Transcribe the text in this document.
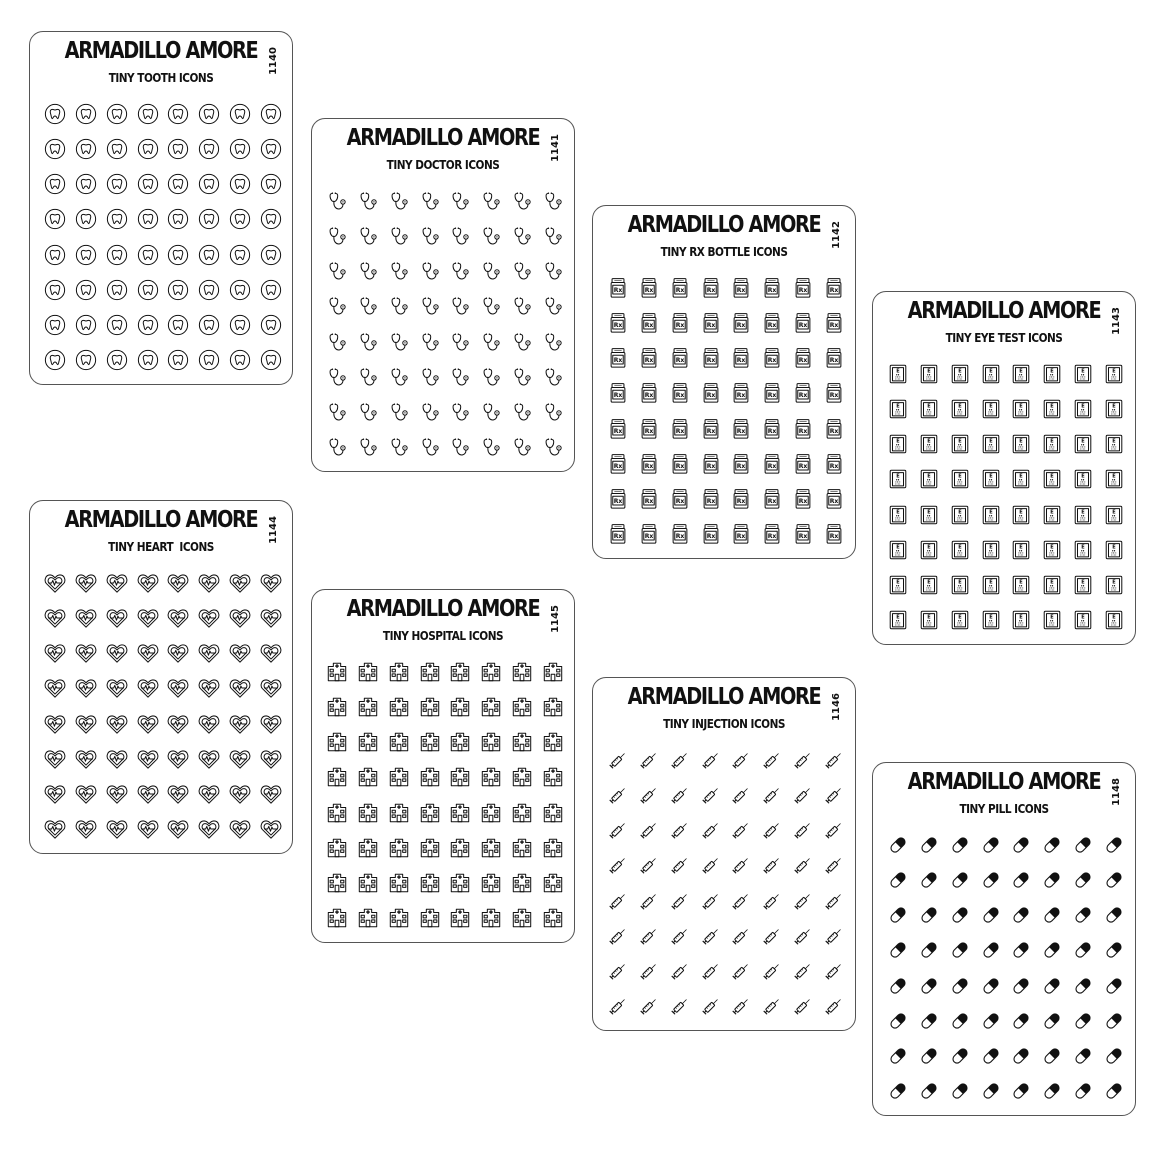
ARMADILLO AMORE
TINY TOOTH ICONS
1140
ARMADILLO AMORE
TINY DOCTOR ICONS
1141
ARMADILLO AMORE
TINY RX BOTTLE ICONS
1142
Rx	Rx	Rx	Rx	Rx	Rx	Rx	Rx
Rx	Rx	Rx	Rx	Rx	Rx	Rx	Rx
Rx	Rx	Rx	Rx	Rx	Rx	Rx	Rx
Rx	Rx	Rx	Rx	Rx	Rx	Rx	Rx
Rx	Rx	Rx	Rx	Rx	Rx	Rx	Rx
Rx	Rx	Rx	Rx	Rx	Rx	Rx	Rx
Rx	Rx	Rx	Rx	Rx	Rx	Rx	Rx
Rx	Rx	Rx	Rx	Rx	Rx	Rx	Rx
ARMADILLO AMORE
TINY EYE TEST ICONS
1143
E	E	E	E	E	E	E	E
E	E	E	E	E	E	E	E
E	E	E	E	E	E	E	E
E	E	E	E	E	E	E	E
E	E	E	E	E	E	E	E
E	E	E	E	E	E	E	E
E	E	E	E	E	E	E	E
E	E	E	E	E	E	E	E
ARMADILLO AMORE
TINY HEART  ICONS
1144
ARMADILLO AMORE
TINY HOSPITAL ICONS
1145
ARMADILLO AMORE
TINY INJECTION ICONS
1146
ARMADILLO AMORE
TINY PILL ICONS
1148
